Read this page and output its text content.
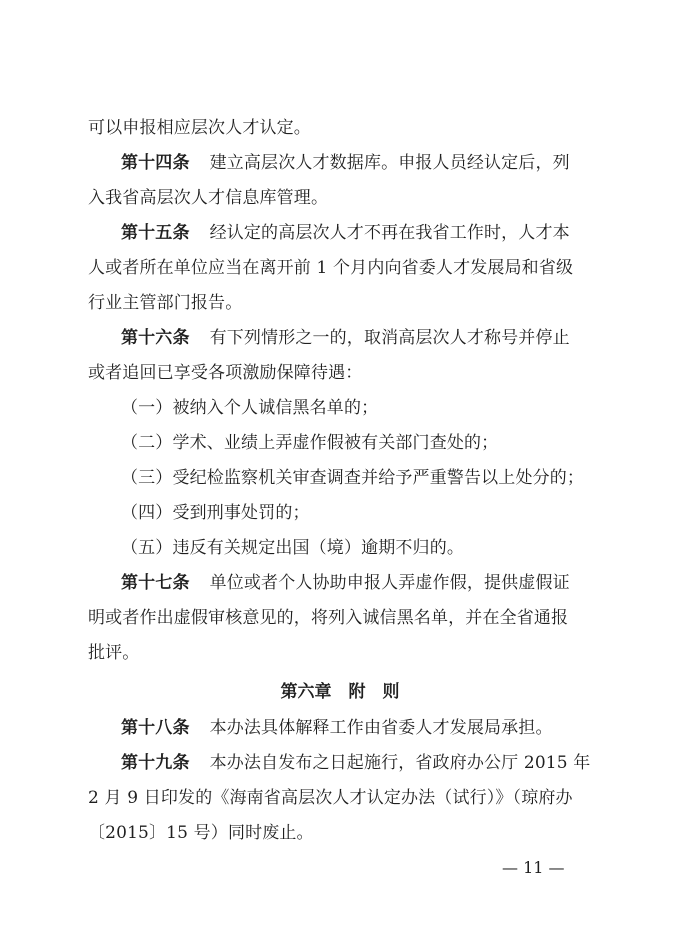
可以申报相应层次人才认定。
第十四条 建立高层次人才数据库。申报人员经认定后，列
入我省高层次人才信息库管理。
第十五条 经认定的高层次人才不再在我省工作时，人才本
人或者所在单位应当在离开前 1 个月内向省委人才发展局和省级
行业主管部门报告。
第十六条 有下列情形之一的，取消高层次人才称号并停止
或者追回已享受各项激励保障待遇：
（一）被纳入个人诚信黑名单的；
（二）学术、业绩上弄虚作假被有关部门查处的；
（三）受纪检监察机关审查调查并给予严重警告以上处分的；
（四）受到刑事处罚的；
（五）违反有关规定出国（境）逾期不归的。
第十七条 单位或者个人协助申报人弄虚作假，提供虚假证
明或者作出虚假审核意见的，将列入诚信黑名单，并在全省通报
批评。
第六章　附　则
第十八条 本办法具体解释工作由省委人才发展局承担。
第十九条 本办法自发布之日起施行，省政府办公厅 2015 年
2 月 9 日印发的《海南省高层次人才认定办法（试行）》（琼府办
〔2015〕15 号）同时废止。
— 11 —
